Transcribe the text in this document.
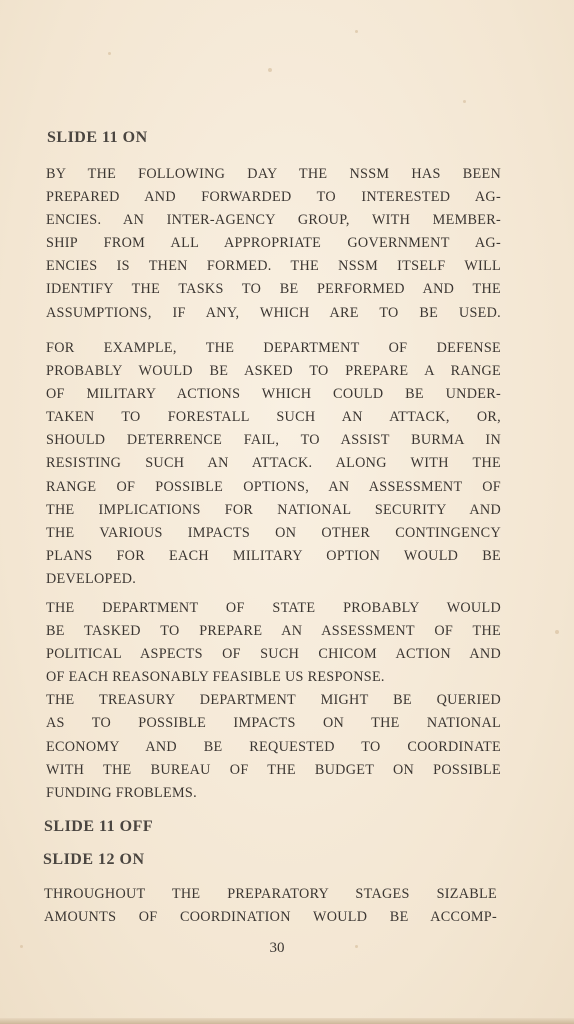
SLIDE 11 ON
BY THE FOLLOWING DAY THE NSSM HAS BEEN
PREPARED AND FORWARDED TO INTERESTED AG-
ENCIES. AN INTER-AGENCY GROUP, WITH MEMBER-
SHIP FROM ALL APPROPRIATE GOVERNMENT AG-
ENCIES IS THEN FORMED. THE NSSM ITSELF WILL
IDENTIFY THE TASKS TO BE PERFORMED AND THE
ASSUMPTIONS, IF ANY, WHICH ARE TO BE USED.
FOR EXAMPLE, THE DEPARTMENT OF DEFENSE
PROBABLY WOULD BE ASKED TO PREPARE A RANGE
OF MILITARY ACTIONS WHICH COULD BE UNDER-
TAKEN TO FORESTALL SUCH AN ATTACK, OR,
SHOULD DETERRENCE FAIL, TO ASSIST BURMA IN
RESISTING SUCH AN ATTACK. ALONG WITH THE
RANGE OF POSSIBLE OPTIONS, AN ASSESSMENT OF
THE IMPLICATIONS FOR NATIONAL SECURITY AND
THE VARIOUS IMPACTS ON OTHER CONTINGENCY
PLANS FOR EACH MILITARY OPTION WOULD BE
DEVELOPED.
THE DEPARTMENT OF STATE PROBABLY WOULD
BE TASKED TO PREPARE AN ASSESSMENT OF THE
POLITICAL ASPECTS OF SUCH CHICOM ACTION AND
OF EACH REASONABLY FEASIBLE US RESPONSE.
THE TREASURY DEPARTMENT MIGHT BE QUERIED
AS TO POSSIBLE IMPACTS ON THE NATIONAL
ECONOMY AND BE REQUESTED TO COORDINATE
WITH THE BUREAU OF THE BUDGET ON POSSIBLE
FUNDING FROBLEMS.
SLIDE 11 OFF
SLIDE 12 ON
THROUGHOUT THE PREPARATORY STAGES SIZABLE
AMOUNTS OF COORDINATION WOULD BE ACCOMP-
30
